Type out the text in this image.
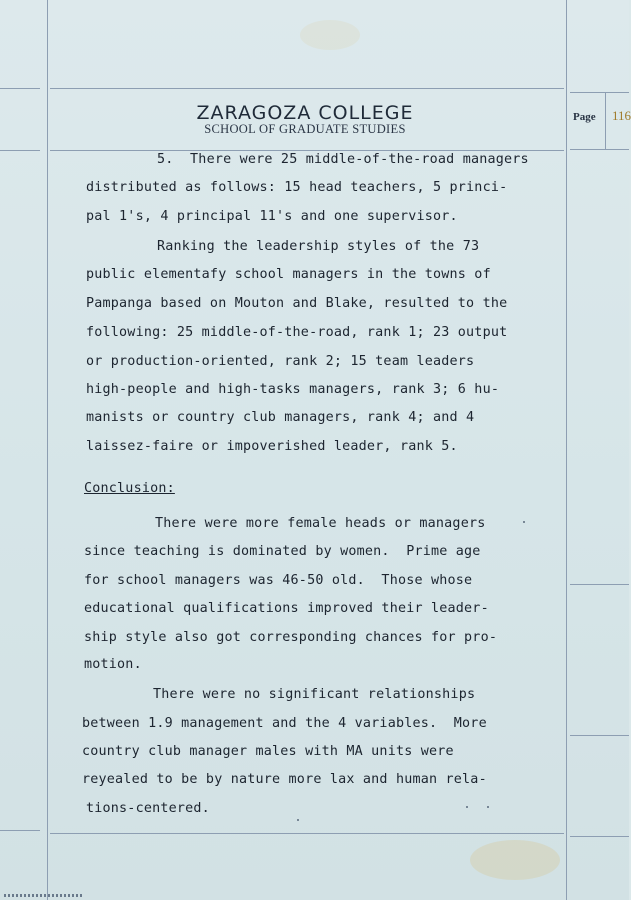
ZARAGOZA COLLEGE
SCHOOL OF GRADUATE STUDIES
Page 116
5.  There were 25 middle-of-the-road managers
distributed as follows: 15 head teachers, 5 princi-
pal 1's, 4 principal 11's and one supervisor.
Ranking the leadership styles of the 73
public elementafy school managers in the towns of
Pampanga based on Mouton and Blake, resulted to the
following: 25 middle-of-the-road, rank 1; 23 output
or production-oriented, rank 2; 15 team leaders
high-people and high-tasks managers, rank 3; 6 hu-
manists or country club managers, rank 4; and 4
laissez-faire or impoverished leader, rank 5.
Conclusion:
There were more female heads or managers
since teaching is dominated by women.  Prime age
for school managers was 46-50 old.  Those whose
educational qualifications improved their leader-
ship style also got corresponding chances for pro-
motion.
There were no significant relationships
between 1.9 management and the 4 variables.  More
country club manager males with MA units were
reyealed to be by nature more lax and human rela-
tions-centered.
